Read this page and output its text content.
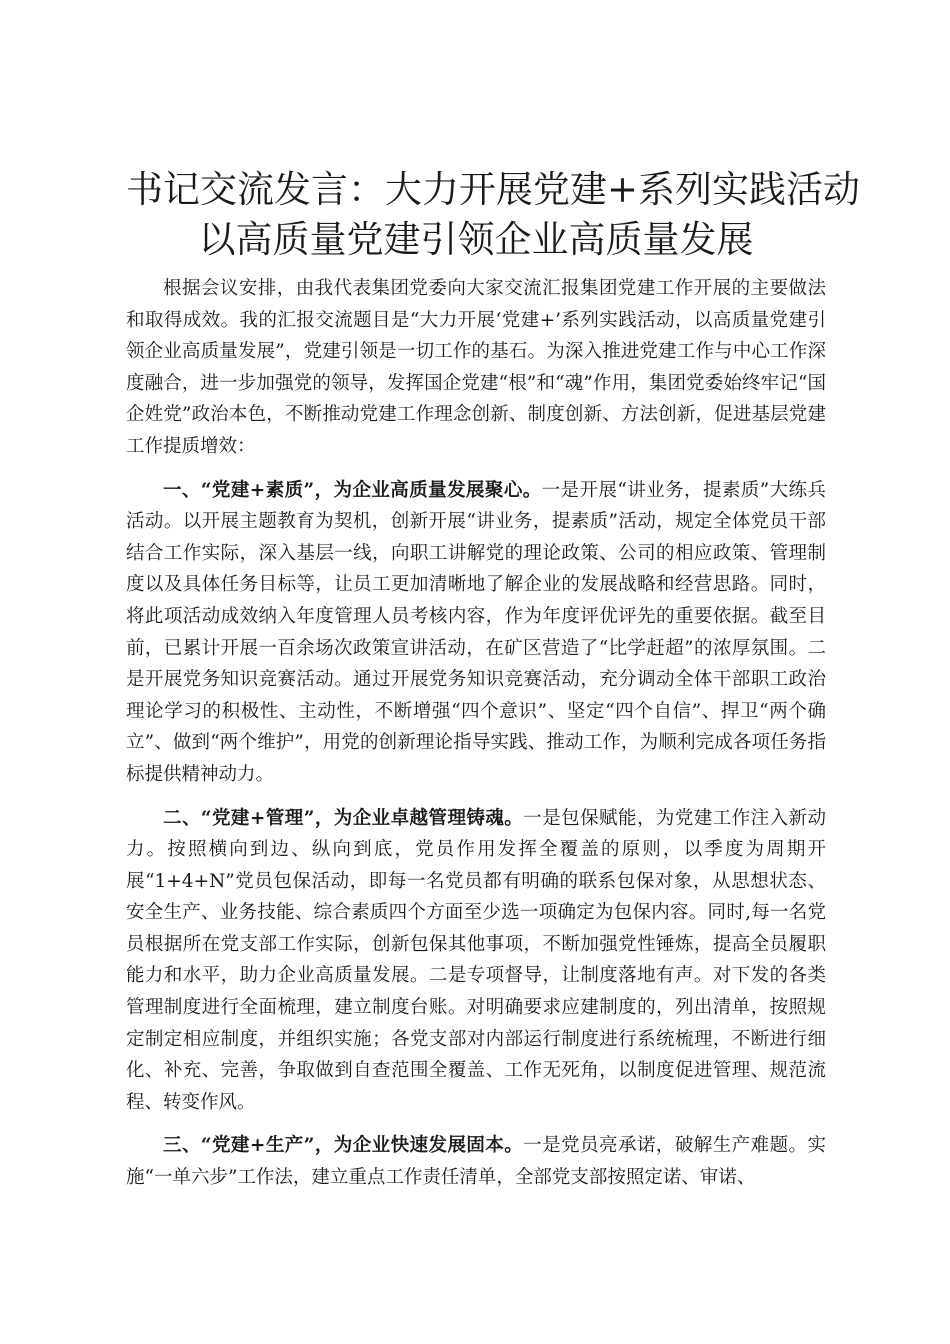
书记交流发言：大力开展党建+系列实践活动
以高质量党建引领企业高质量发展

根据会议安排，由我代表集团党委向大家交流汇报集团党建工作开展的主要做法和取得成效。我的汇报交流题目是“大力开展‘党建+’系列实践活动，以高质量党建引领企业高质量发展”，党建引领是一切工作的基石。为深入推进党建工作与中心工作深度融合，进一步加强党的领导，发挥国企党建“根”和“魂”作用，集团党委始终牢记“国企姓党”政治本色，不断推动党建工作理念创新、制度创新、方法创新，促进基层党建工作提质增效：

一、“党建+素质”，为企业高质量发展聚心。一是开展“讲业务，提素质”大练兵活动。以开展主题教育为契机，创新开展“讲业务，提素质”活动，规定全体党员干部结合工作实际，深入基层一线，向职工讲解党的理论政策、公司的相应政策、管理制度以及具体任务目标等，让员工更加清晰地了解企业的发展战略和经营思路。同时，将此项活动成效纳入年度管理人员考核内容，作为年度评优评先的重要依据。截至目前，已累计开展一百余场次政策宣讲活动，在矿区营造了“比学赶超”的浓厚氛围。二是开展党务知识竞赛活动。通过开展党务知识竞赛活动，充分调动全体干部职工政治理论学习的积极性、主动性，不断增强“四个意识”、坚定“四个自信”、捍卫“两个确立”、做到“两个维护”，用党的创新理论指导实践、推动工作，为顺利完成各项任务指标提供精神动力。

二、“党建+管理”，为企业卓越管理铸魂。一是包保赋能，为党建工作注入新动力。按照横向到边、纵向到底，党员作用发挥全覆盖的原则，以季度为周期开展“1+4+N”党员包保活动，即每一名党员都有明确的联系包保对象，从思想状态、安全生产、业务技能、综合素质四个方面至少选一项确定为包保内容。同时,每一名党员根据所在党支部工作实际，创新包保其他事项，不断加强党性锤炼，提高全员履职能力和水平，助力企业高质量发展。二是专项督导，让制度落地有声。对下发的各类管理制度进行全面梳理，建立制度台账。对明确要求应建制度的，列出清单，按照规定制定相应制度，并组织实施；各党支部对内部运行制度进行系统梳理，不断进行细化、补充、完善，争取做到自查范围全覆盖、工作无死角，以制度促进管理、规范流程、转变作风。

三、“党建+生产”，为企业快速发展固本。一是党员亮承诺，破解生产难题。实施“一单六步”工作法，建立重点工作责任清单，全部党支部按照定诺、审诺、
